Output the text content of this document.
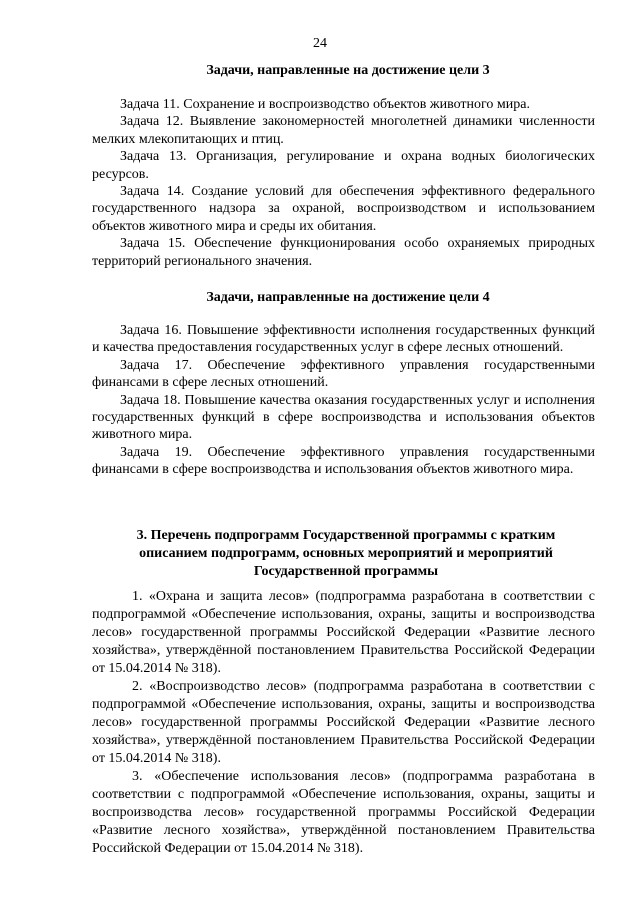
24
Задачи, направленные на достижение цели 3

Задача 11. Сохранение и воспроизводство объектов животного мира.

Задача 12. Выявление закономерностей многолетней динамики численности мелких млекопитающих и птиц.

Задача 13. Организация, регулирование и охрана водных биологических ресурсов.

Задача 14. Создание условий для обеспечения эффективного федерального государственного надзора за охраной, воспроизводством и использованием объектов животного мира и среды их обитания.

Задача 15. Обеспечение функционирования особо охраняемых природных территорий регионального значения.

Задачи, направленные на достижение цели 4

Задача 16. Повышение эффективности исполнения государственных функций и качества предоставления государственных услуг в сфере лесных отношений.

Задача 17. Обеспечение эффективного управления государственными финансами в сфере лесных отношений.

Задача 18. Повышение качества оказания государственных услуг и исполнения государственных функций в сфере воспроизводства и использования объектов животного мира.

Задача 19. Обеспечение эффективного управления государственными финансами в сфере воспроизводства и использования объектов животного мира.

3. Перечень подпрограмм Государственной программы с кратким описанием подпрограмм, основных мероприятий и мероприятий Государственной программы

1. «Охрана и защита лесов» (подпрограмма разработана в соответствии с подпрограммой «Обеспечение использования, охраны, защиты и воспроизводства лесов» государственной программы Российской Федерации «Развитие лесного хозяйства», утверждённой постановлением Правительства Российской Федерации от 15.04.2014 № 318).

2. «Воспроизводство лесов» (подпрограмма разработана в соответствии с подпрограммой «Обеспечение использования, охраны, защиты и воспроизводства лесов» государственной программы Российской Федерации «Развитие лесного хозяйства», утверждённой постановлением Правительства Российской Федерации от 15.04.2014 № 318).

3. «Обеспечение использования лесов» (подпрограмма разработана в соответствии с подпрограммой «Обеспечение использования, охраны, защиты и воспроизводства лесов» государственной программы Российской Федерации «Развитие лесного хозяйства», утверждённой постановлением Правительства Российской Федерации от 15.04.2014 № 318).
